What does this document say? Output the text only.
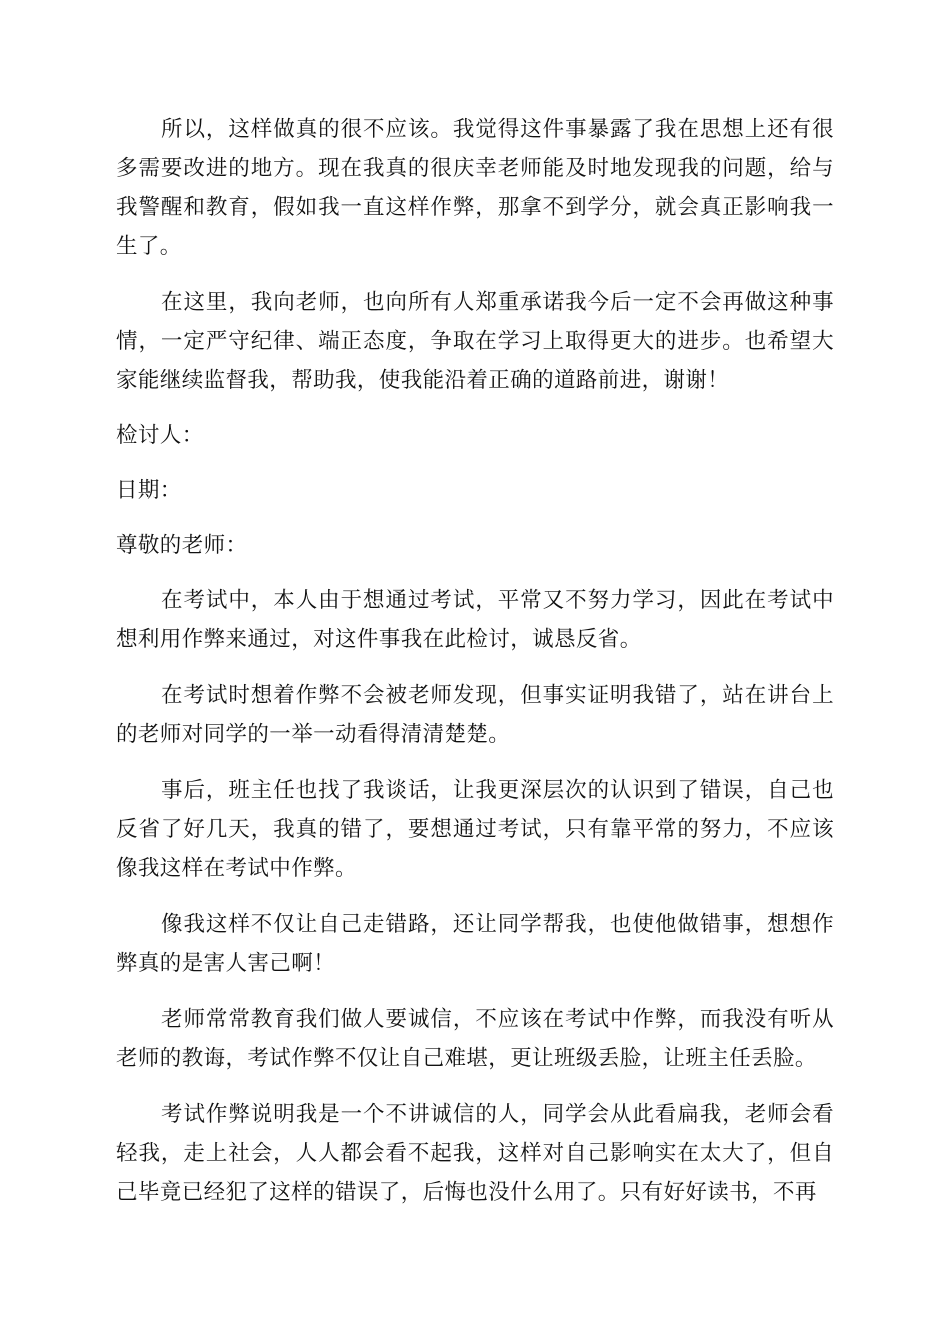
所以，这样做真的很不应该。我觉得这件事暴露了我在思想上还有很多需要改进的地方。现在我真的很庆幸老师能及时地发现我的问题，给与我警醒和教育，假如我一直这样作弊，那拿不到学分，就会真正影响我一生了。

在这里，我向老师，也向所有人郑重承诺我今后一定不会再做这种事情，一定严守纪律、端正态度，争取在学习上取得更大的进步。也希望大家能继续监督我，帮助我，使我能沿着正确的道路前进，谢谢！

检讨人：

日期：

尊敬的老师：

在考试中，本人由于想通过考试，平常又不努力学习，因此在考试中想利用作弊来通过，对这件事我在此检讨，诚恳反省。

在考试时想着作弊不会被老师发现，但事实证明我错了，站在讲台上的老师对同学的一举一动看得清清楚楚。

事后，班主任也找了我谈话，让我更深层次的认识到了错误，自己也反省了好几天，我真的错了，要想通过考试，只有靠平常的努力，不应该像我这样在考试中作弊。

像我这样不仅让自己走错路，还让同学帮我，也使他做错事，想想作弊真的是害人害己啊！

老师常常教育我们做人要诚信，不应该在考试中作弊，而我没有听从老师的教诲，考试作弊不仅让自己难堪，更让班级丢脸，让班主任丢脸。

考试作弊说明我是一个不讲诚信的人，同学会从此看扁我，老师会看轻我，走上社会，人人都会看不起我，这样对自己影响实在太大了，但自己毕竟已经犯了这样的错误了，后悔也没什么用了。只有好好读书，不再
